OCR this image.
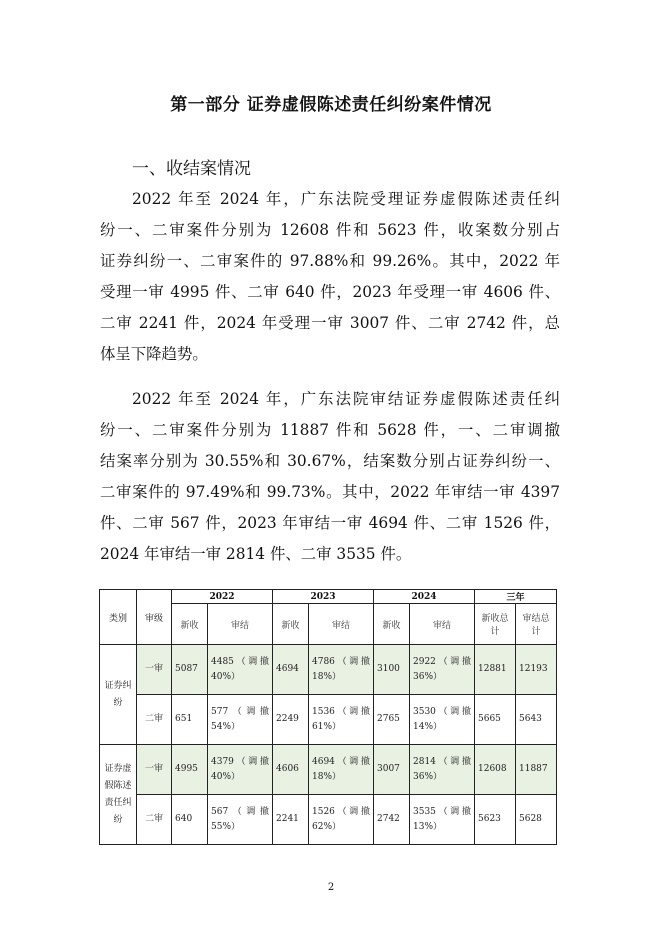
第一部分 证券虚假陈述责任纠纷案件情况
一、收结案情况
2022 年至 2024 年，广东法院受理证券虚假陈述责任纠
纷一、二审案件分别为 12608 件和 5623 件，收案数分别占
证券纠纷一、二审案件的 97.88%和 99.26%。其中，2022 年
受理一审 4995 件、二审 640 件，2023 年受理一审 4606 件、
二审 2241 件，2024 年受理一审 3007 件、二审 2742 件，总
体呈下降趋势。
2022 年至 2024 年，广东法院审结证券虚假陈述责任纠
纷一、二审案件分别为 11887 件和 5628 件，一、二审调撤
结案率分别为 30.55%和 30.67%，结案数分别占证券纠纷一、
二审案件的 97.49%和 99.73%。其中，2022 年审结一审 4397
件、二审 567 件，2023 年审结一审 4694 件、二审 1526 件，
2024 年审结一审 2814 件、二审 3535 件。
类别	审级	2022		2023		2024		三年	
		新收	审结	新收	审结	新收	审结	新收总计	审结总计
证券纠纷	一审	5087	4485（调撤40%）	4694	4786（调撤18%）	3100	2922（调撤36%）	12881	12193
	二审	651	577（调撤54%）	2249	1536（调撤61%）	2765	3530（调撤14%）	5665	5643
证券虚假陈述责任纠纷	一审	4995	4379（调撤40%）	4606	4694（调撤18%）	3007	2814（调撤36%）	12608	11887
	二审	640	567（调撤55%）	2241	1526（调撤62%）	2742	3535（调撤13%）	5623	5628
2
